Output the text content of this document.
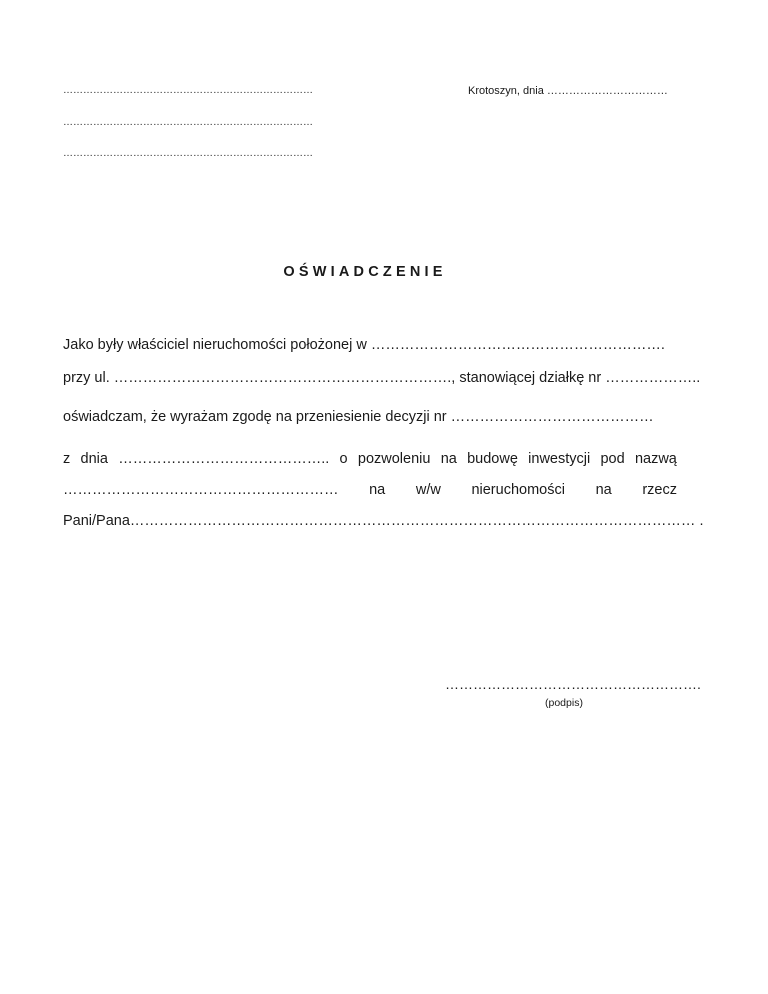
…………………………………………………………………
…………………………………………………………………
…………………………………………………………………
Krotoszyn, dnia ……………………………
OŚWIADCZENIE
Jako były właściciel nieruchomości położonej w …………………………………………………….
przy ul. ……………………………………………………………., stanowiącej działkę nr ………………..
oświadczam, że wyrażam zgodę na przeniesienie decyzji nr ……………………………………
z dnia …………………………………….. o pozwoleniu na budowę inwestycji pod nazwą
………………………………………………… na w/w nieruchomości na rzecz
Pani/Pana……………………………………………………………………………………………………… .
……………………………………………….
(podpis)
